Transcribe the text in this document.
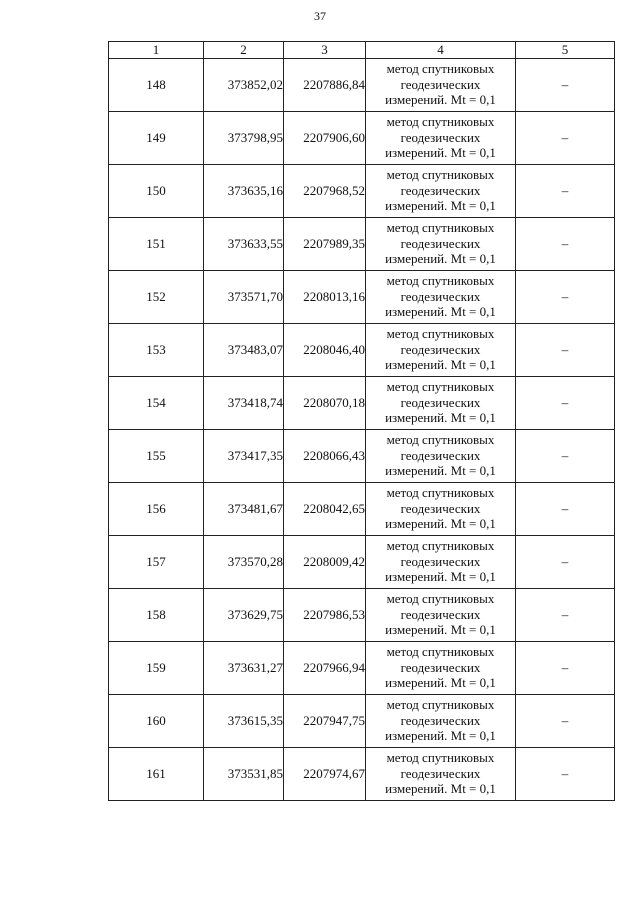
37
1	2	3	4	5
148	373852,02	2207886,84	метод спутниковых
геодезических
измерений. Mt = 0,1	–
149	373798,95	2207906,60	метод спутниковых
геодезических
измерений. Mt = 0,1	–
150	373635,16	2207968,52	метод спутниковых
геодезических
измерений. Mt = 0,1	–
151	373633,55	2207989,35	метод спутниковых
геодезических
измерений. Mt = 0,1	–
152	373571,70	2208013,16	метод спутниковых
геодезических
измерений. Mt = 0,1	–
153	373483,07	2208046,40	метод спутниковых
геодезических
измерений. Mt = 0,1	–
154	373418,74	2208070,18	метод спутниковых
геодезических
измерений. Mt = 0,1	–
155	373417,35	2208066,43	метод спутниковых
геодезических
измерений. Mt = 0,1	–
156	373481,67	2208042,65	метод спутниковых
геодезических
измерений. Mt = 0,1	–
157	373570,28	2208009,42	метод спутниковых
геодезических
измерений. Mt = 0,1	–
158	373629,75	2207986,53	метод спутниковых
геодезических
измерений. Mt = 0,1	–
159	373631,27	2207966,94	метод спутниковых
геодезических
измерений. Mt = 0,1	–
160	373615,35	2207947,75	метод спутниковых
геодезических
измерений. Mt = 0,1	–
161	373531,85	2207974,67	метод спутниковых
геодезических
измерений. Mt = 0,1	–
